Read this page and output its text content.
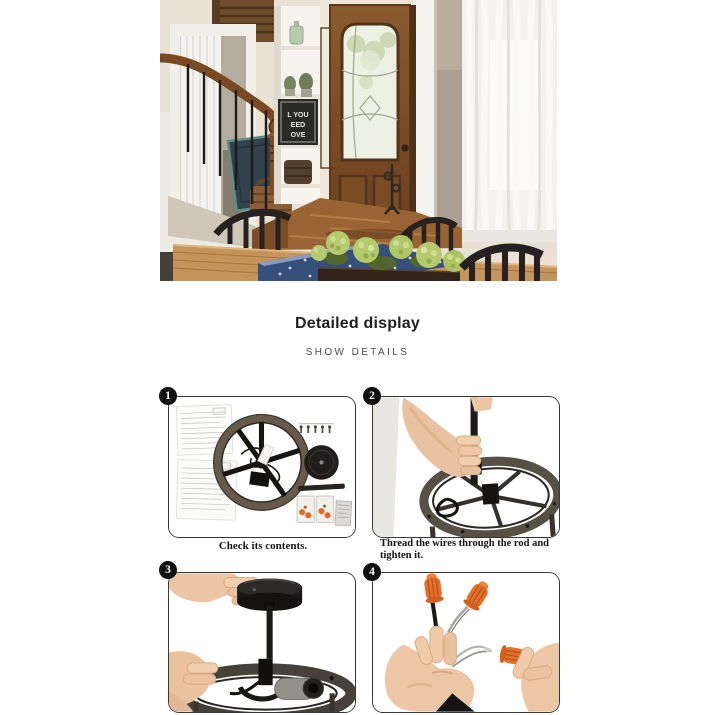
L YOU
EED
OVE
Detailed display
SHOW DETAILS
1	2
3	4
Check its contents.	Thread the wires through the rod and tighten it.
